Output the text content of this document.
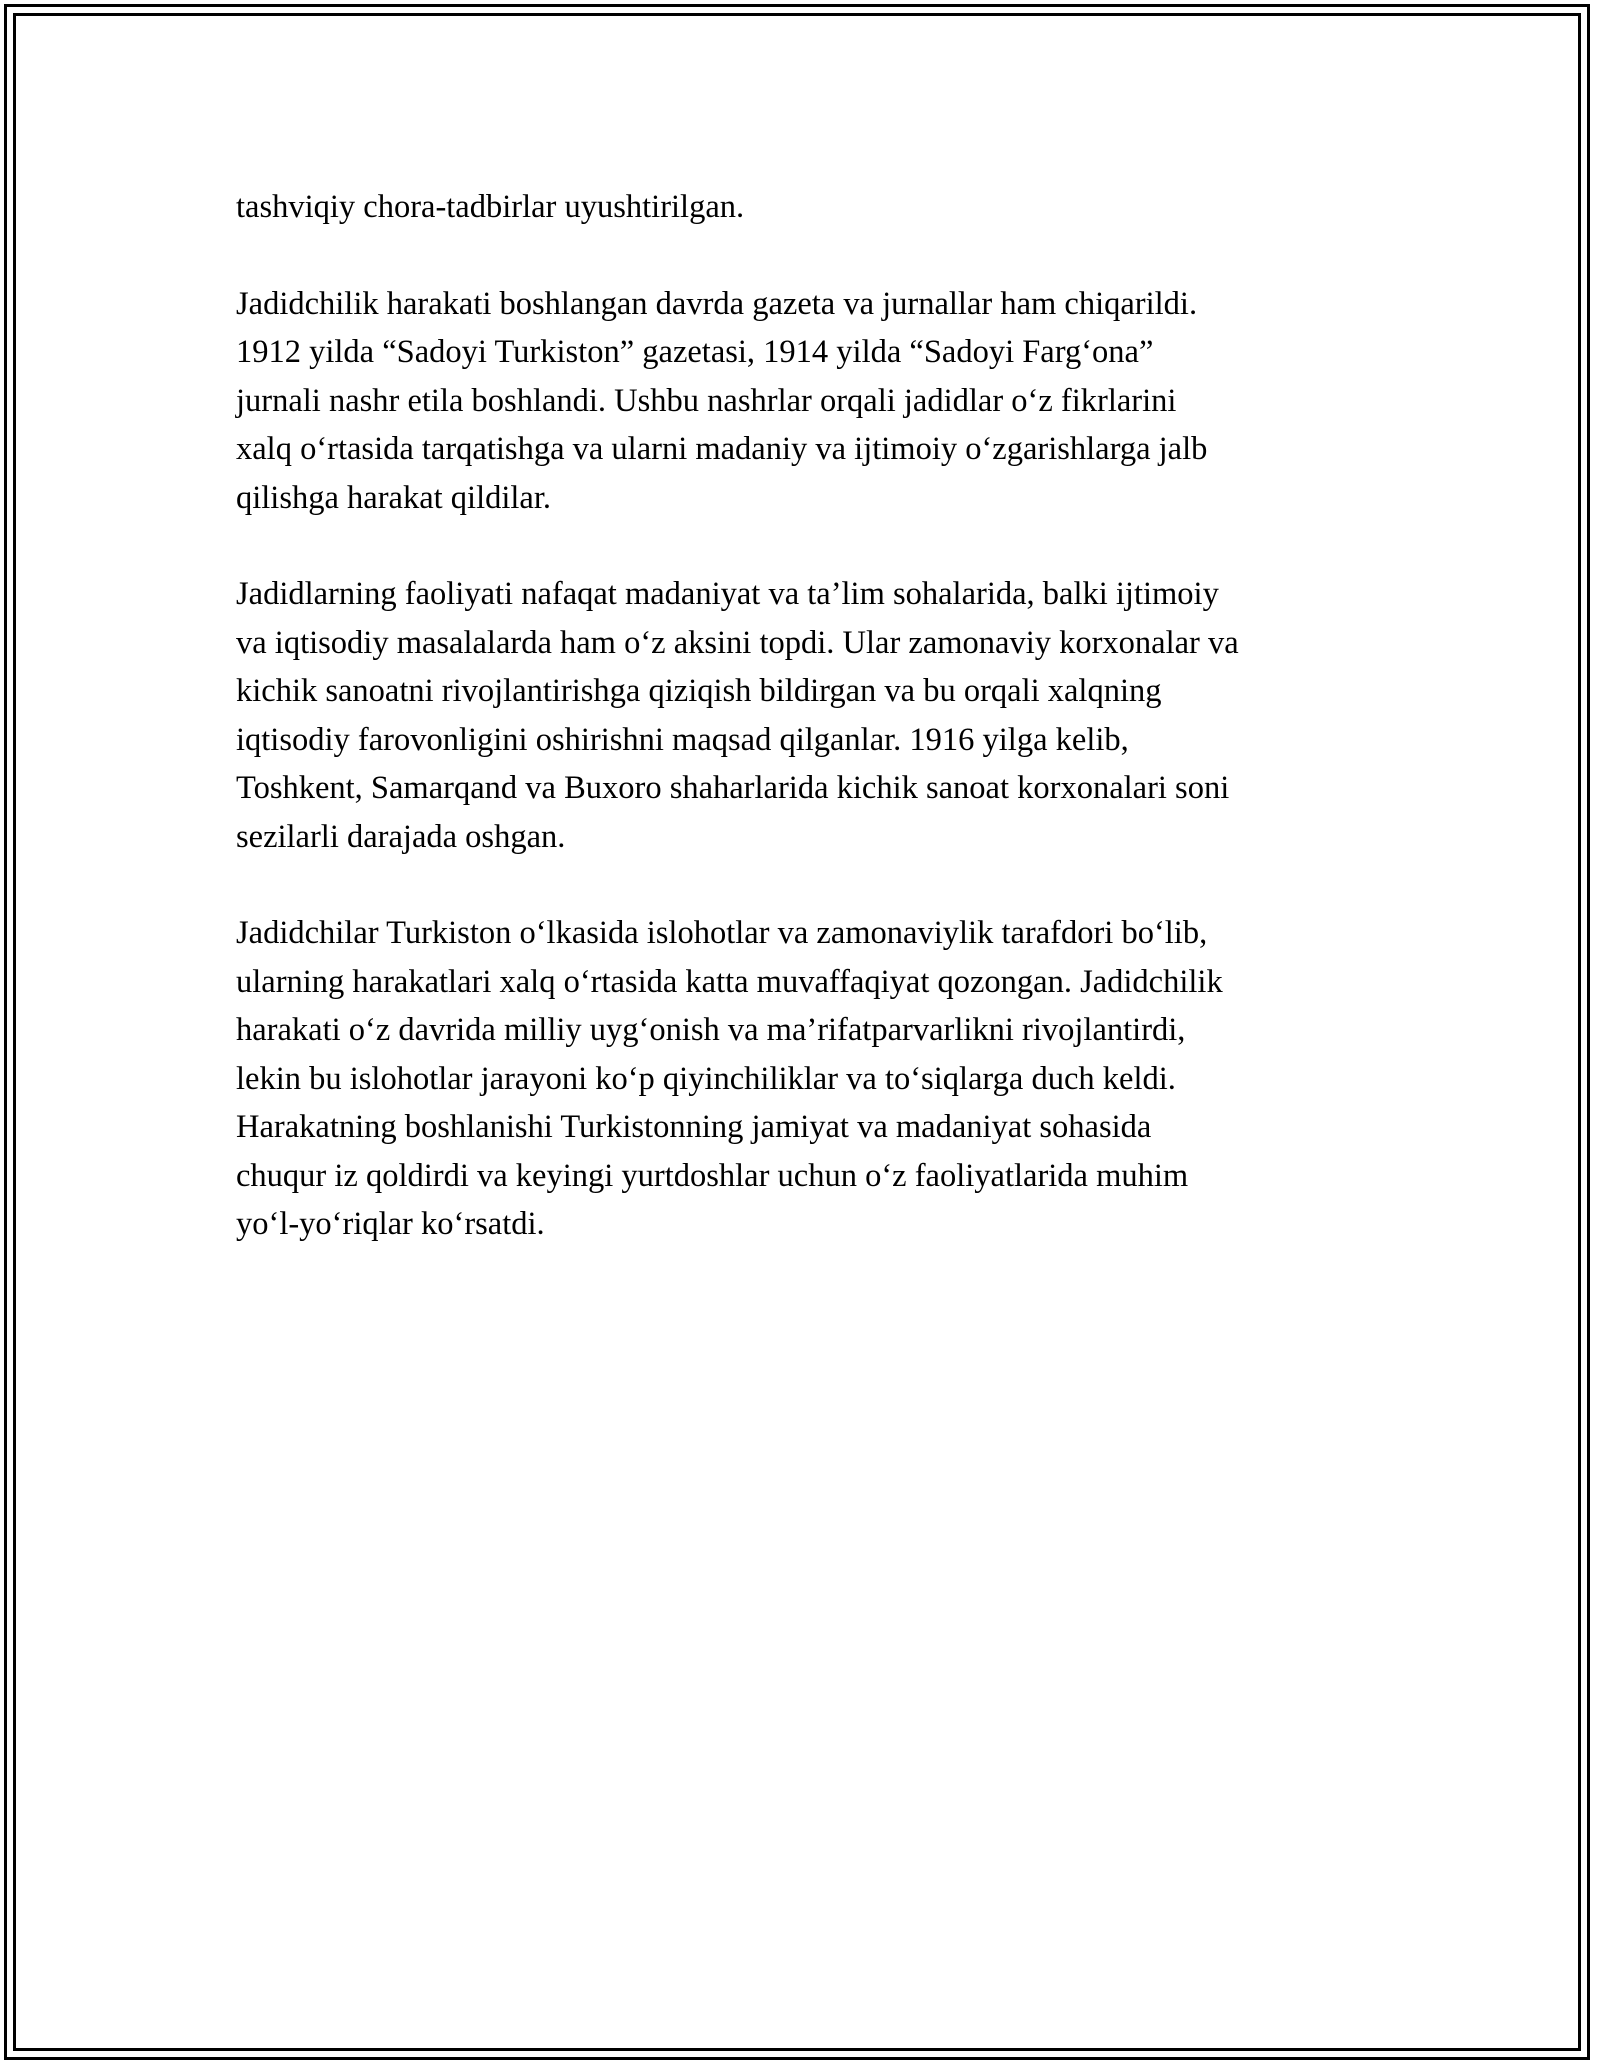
tashviqiy chora-tadbirlar uyushtirilgan.

Jadidchilik harakati boshlangan davrda gazeta va jurnallar ham chiqarildi.
1912 yilda “Sadoyi Turkiston” gazetasi, 1914 yilda “Sadoyi Farg‘ona”
jurnali nashr etila boshlandi. Ushbu nashrlar orqali jadidlar o‘z fikrlarini
xalq o‘rtasida tarqatishga va ularni madaniy va ijtimoiy o‘zgarishlarga jalb
qilishga harakat qildilar.

Jadidlarning faoliyati nafaqat madaniyat va ta’lim sohalarida, balki ijtimoiy
va iqtisodiy masalalarda ham o‘z aksini topdi. Ular zamonaviy korxonalar va
kichik sanoatni rivojlantirishga qiziqish bildirgan va bu orqali xalqning
iqtisodiy farovonligini oshirishni maqsad qilganlar. 1916 yilga kelib,
Toshkent, Samarqand va Buxoro shaharlarida kichik sanoat korxonalari soni
sezilarli darajada oshgan.

Jadidchilar Turkiston o‘lkasida islohotlar va zamonaviylik tarafdori bo‘lib,
ularning harakatlari xalq o‘rtasida katta muvaffaqiyat qozongan. Jadidchilik
harakati o‘z davrida milliy uyg‘onish va ma’rifatparvarlikni rivojlantirdi,
lekin bu islohotlar jarayoni ko‘p qiyinchiliklar va to‘siqlarga duch keldi.
Harakatning boshlanishi Turkistonning jamiyat va madaniyat sohasida
chuqur iz qoldirdi va keyingi yurtdoshlar uchun o‘z faoliyatlarida muhim
yo‘l-yo‘riqlar ko‘rsatdi.
